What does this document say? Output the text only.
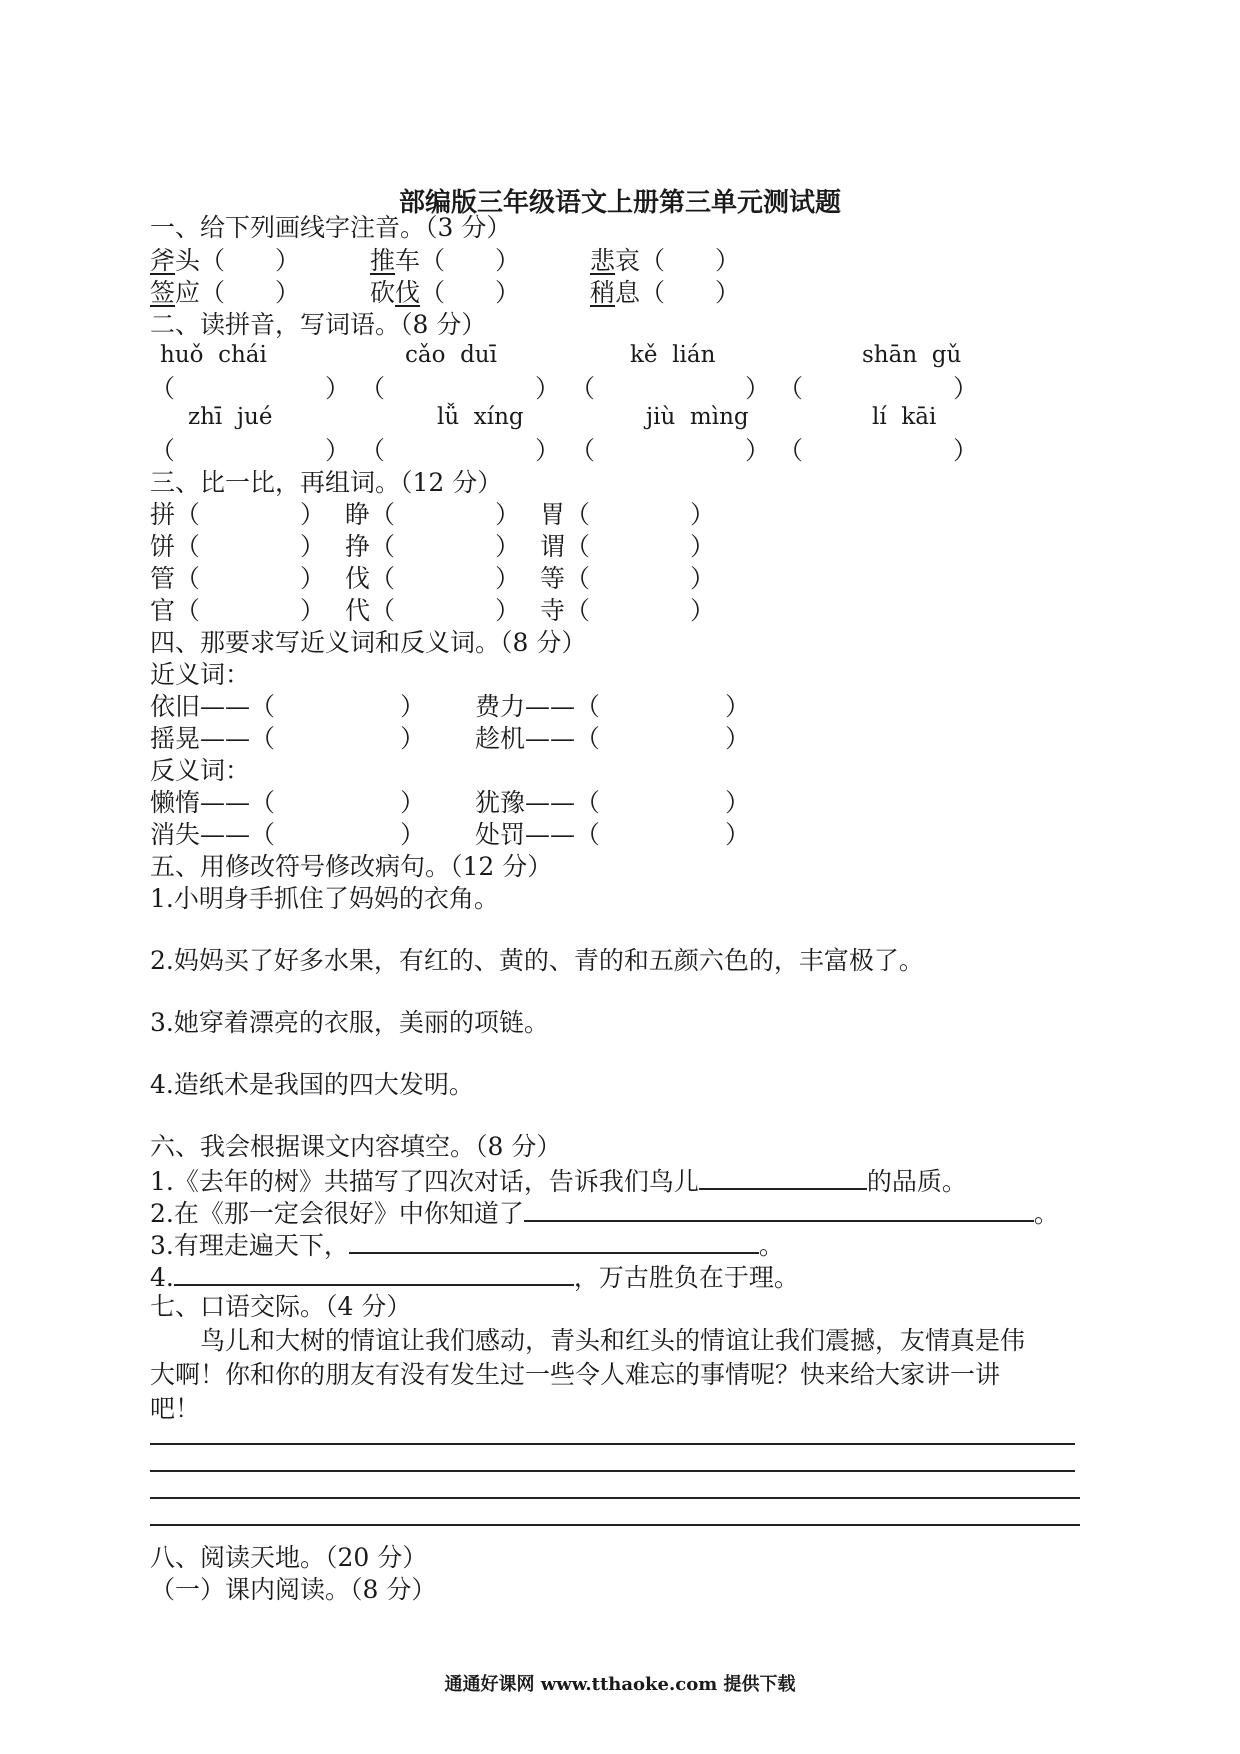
部编版三年级语文上册第三单元测试题
一、给下列画线字注音。（3 分）
斧头（　　）	推车（　　）	悲哀（　　）
签应（　　）	砍伐（　　）	稍息（　　）
二、读拼音，写词语。（8 分）
huǒ  chái	cǎo  duī	kě  lián	shān  gǔ
（　　　　　　） （　　　　　　） （　　　　　　） （　　　　　　）
zhī  jué	lǚ  xíng	jiù  mìng	lí  kāi
（　　　　　　） （　　　　　　） （　　　　　　） （　　　　　　）
三、比一比，再组词。（12 分）
拼（　　　　） 睁（　　　　） 胃（　　　　）
饼（　　　　） 挣（　　　　） 谓（　　　　）
管（　　　　） 伐（　　　　） 等（　　　　）
官（　　　　） 代（　　　　） 寺（　　　　）
四、那要求写近义词和反义词。（8 分）
近义词：
依旧——（　　　　　） 费力——（　　　　　）
摇晃——（　　　　　） 趁机——（　　　　　）
反义词：
懒惰——（　　　　　） 犹豫——（　　　　　）
消失——（　　　　　） 处罚——（　　　　　）
五、用修改符号修改病句。（12 分）
1.小明身手抓住了妈妈的衣角。
2.妈妈买了好多水果，有红的、黄的、青的和五颜六色的，丰富极了。
3.她穿着漂亮的衣服，美丽的项链。
4.造纸术是我国的四大发明。
六、我会根据课文内容填空。（8 分）
1.《去年的树》共描写了四次对话，告诉我们鸟儿	的品质。
2.在《那一定会很好》中你知道了	。
3.有理走遍天下，	。
4.	，万古胜负在于理。
七、口语交际。（4 分）
　　鸟儿和大树的情谊让我们感动，青头和红头的情谊让我们震撼，友情真是伟
大啊！你和你的朋友有没有发生过一些令人难忘的事情呢？快来给大家讲一讲
吧！
八、阅读天地。（20 分）
（一）课内阅读。（8 分）
通通好课网 www.tthaoke.com 提供下载
